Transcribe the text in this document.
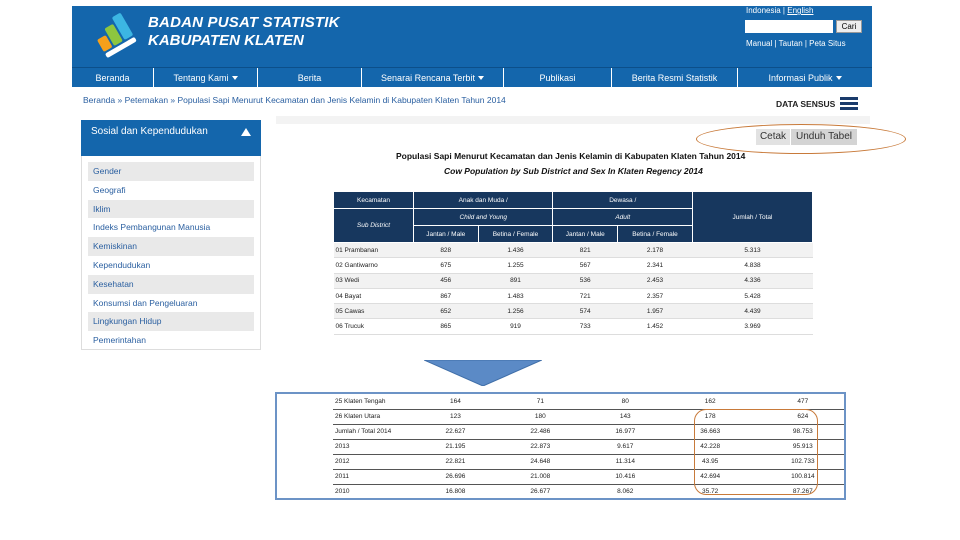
BADAN PUSAT STATISTIK
KABUPATEN KLATEN
Indonesia | English
Cari
Manual | Tautan | Peta Situs
Beranda	Tentang Kami	Berita	Senarai Rencana Terbit	Publikasi	Berita Resmi Statistik	Informasi Publik
Beranda » Peternakan » Populasi Sapi Menurut Kecamatan dan Jenis Kelamin di Kabupaten Klaten Tahun 2014	DATA SENSUS
Sosial dan Kependudukan
Gender
Geografi
Iklim
Indeks Pembangunan Manusia
Kemiskinan
Kependudukan
Kesehatan
Konsumsi dan Pengeluaran
Lingkungan Hidup
Pemerintahan
Cetak Unduh Tabel
Populasi Sapi Menurut Kecamatan dan Jenis Kelamin di Kabupaten Klaten Tahun 2014
Cow Population by Sub District and Sex In Klaten Regency 2014
Kecamatan	Anak dan Muda /		Dewasa /		Jumlah / Total
Sub District	Child and Young		Adult		
	Jantan / Male	Betina / Female	Jantan / Male	Betina / Female	
01 Prambanan	828	1.436	821	2.178	5.313
02 Gantiwarno	675	1.255	567	2.341	4.838
03 Wedi	456	891	536	2.453	4.336
04 Bayat	867	1.483	721	2.357	5.428
05 Cawas	652	1.256	574	1.957	4.439
06 Trucuk	865	919	733	1.452	3.969
25 Klaten Tengah	164	71	80	162	477
26 Klaten Utara	123	180	143	178	624
Jumlah / Total 2014	22.627	22.486	16.977	36.663	98.753
2013	21.195	22.873	9.617	42.228	95.913
2012	22.821	24.648	11.314	43.95	102.733
2011	26.696	21.008	10.416	42.694	100.814
2010	16.808	26.677	8.062	35.72	87.267
